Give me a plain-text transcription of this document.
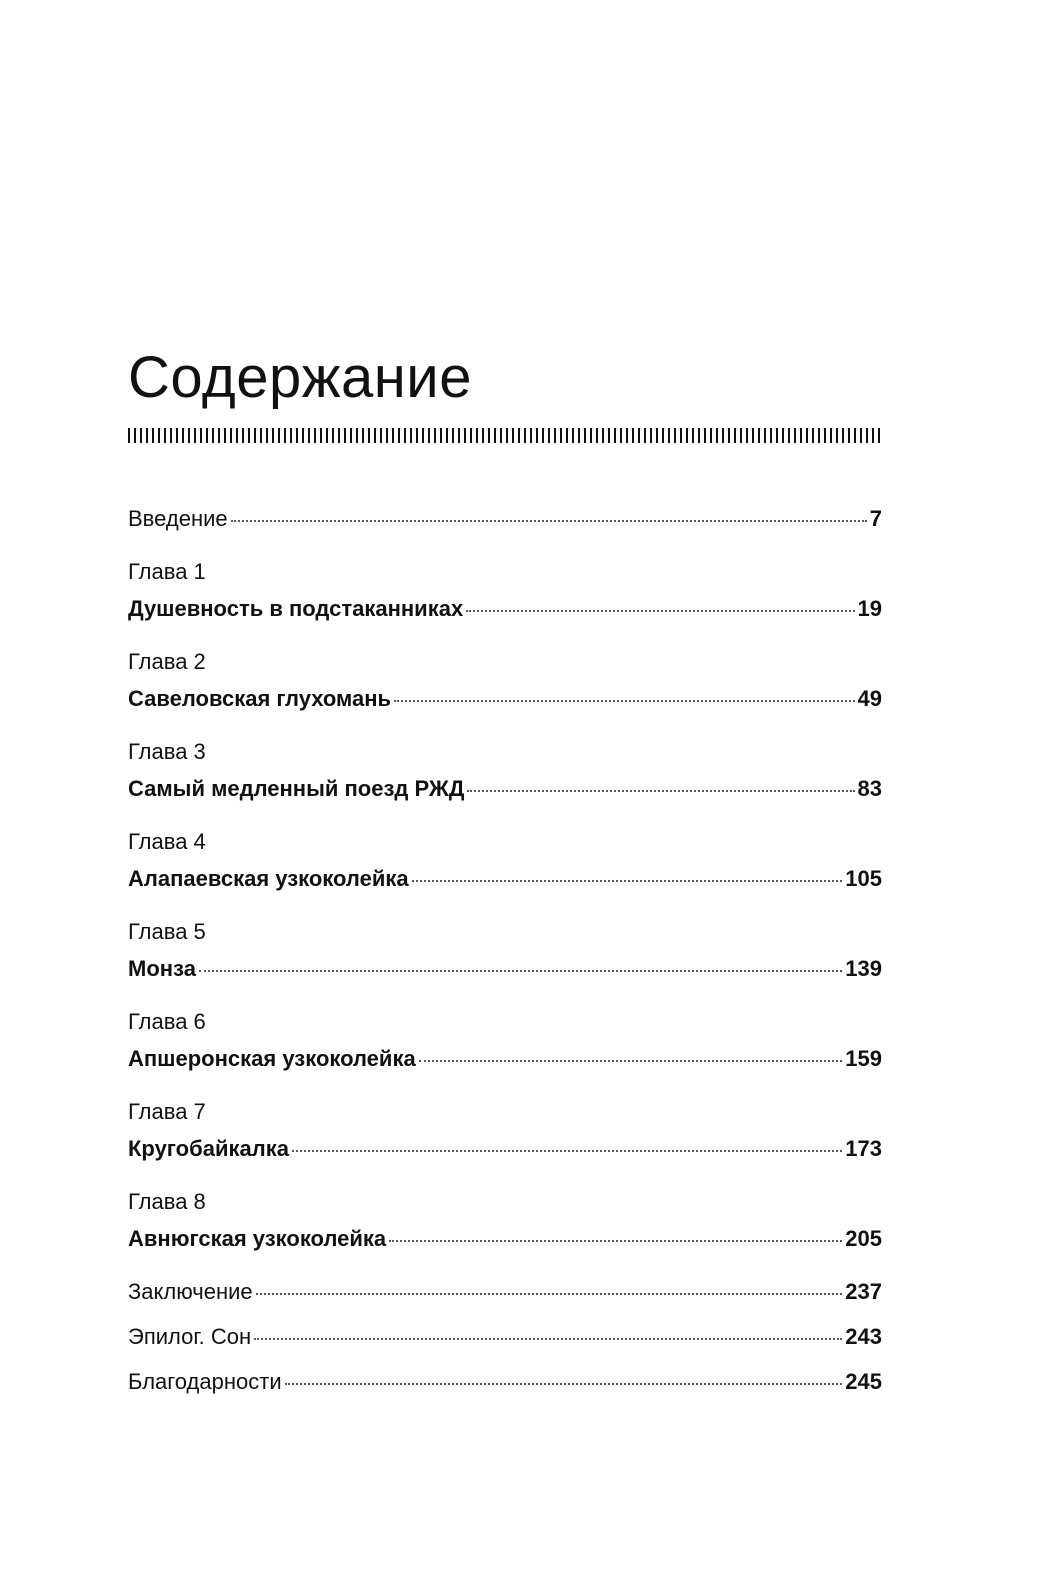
Содержание
Введение	7
Глава 1
Душевность в подстаканниках	19
Глава 2
Савеловская глухомань	49
Глава 3
Самый медленный поезд РЖД	83
Глава 4
Алапаевская узкоколейка	105
Глава 5
Монза	139
Глава 6
Апшеронская узкоколейка	159
Глава 7
Кругобайкалка	173
Глава 8
Авнюгская узкоколейка	205
Заключение	237
Эпилог. Сон	243
Благодарности	245
